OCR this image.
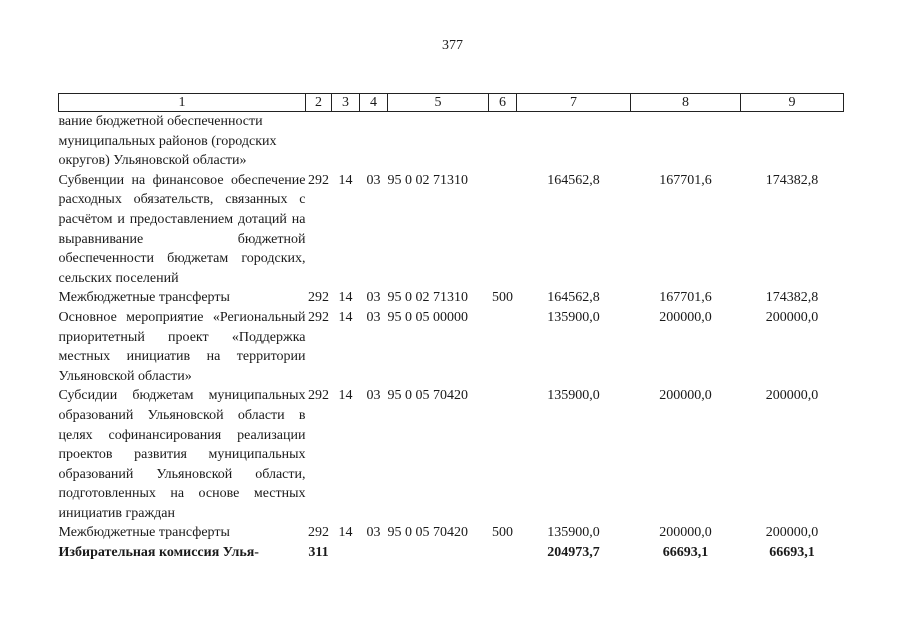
377
1	2	3	4	5	6	7	8	9
вание бюджетной обеспеченности муниципальных районов (городских округов) Ульяновской области»								
Субвенции на финансовое обеспечение расходных обязательств, связанных с расчётом и предоставлением дотаций на выравнивание бюджетной обеспеченности бюджетам городских, сельских поселений	292	14	03	95 0 02 71310		164562,8	167701,6	174382,8
Межбюджетные трансферты	292	14	03	95 0 02 71310	500	164562,8	167701,6	174382,8
Основное мероприятие «Региональный приоритетный проект «Поддержка местных инициатив на территории Ульяновской области»	292	14	03	95 0 05 00000		135900,0	200000,0	200000,0
Субсидии бюджетам муниципальных образований Ульяновской области в целях софинансирования реализации проектов развития муниципальных образований Ульяновской области, подготовленных на основе местных инициатив граждан	292	14	03	95 0 05 70420		135900,0	200000,0	200000,0
Межбюджетные трансферты	292	14	03	95 0 05 70420	500	135900,0	200000,0	200000,0
Избирательная комиссия Улья-	311					204973,7	66693,1	66693,1
